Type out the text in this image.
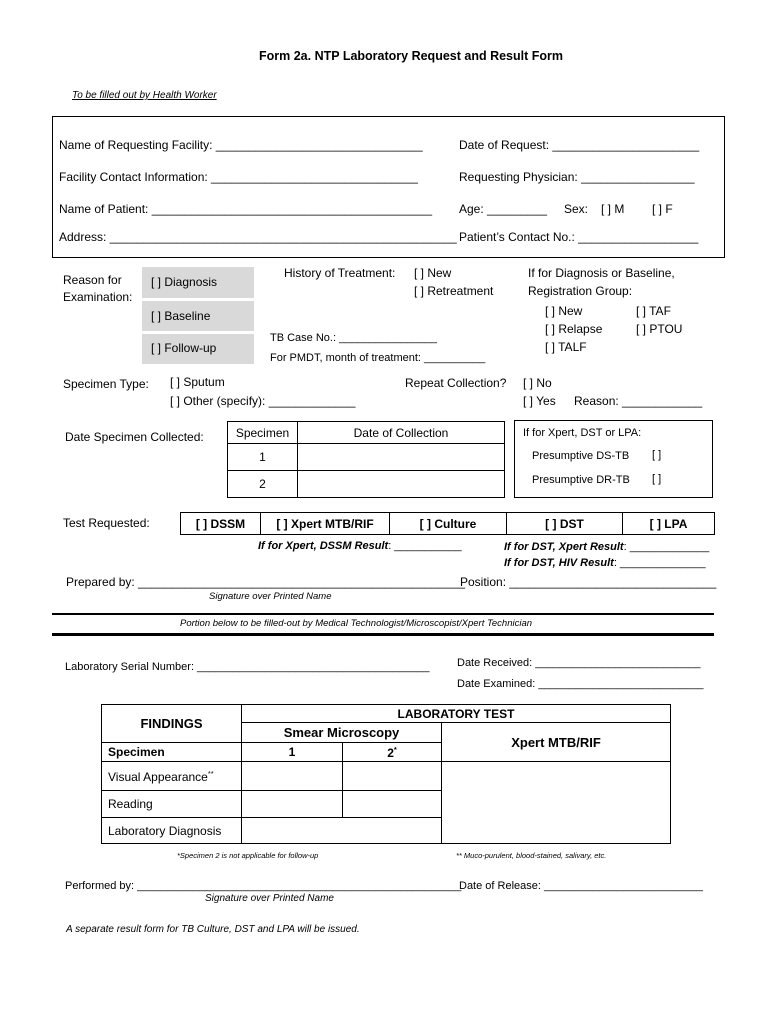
Form 2a. NTP Laboratory Request and Result Form
To be filled out by Health Worker
Name of Requesting Facility: _______________________________	Date of Request: ______________________
Facility Contact Information: _______________________________	Requesting Physician: _________________
Name of Patient: __________________________________________ Age: _________ Sex: [ ] M [ ] F
Address: ____________________________________________________ Patient’s Contact No.: __________________
Reason for
Examination:
[ ] Diagnosis
[ ] Baseline
[ ] Follow-up
History of Treatment: [ ] New
[ ] Retreatment
TB Case No.: ________________
For PMDT, month of treatment: __________
If for Diagnosis or Baseline,
Registration Group:
[ ] New	[ ] TAF
[ ] Relapse	[ ] PTOU
[ ] TALF
Specimen Type: [ ] Sputum
[ ] Other (specify): _____________
Repeat Collection? [ ] No
[ ] Yes Reason: ____________
Date Specimen Collected:	Specimen	Date of Collection
1	
2	
If for Xpert, DST or LPA:
Presumptive DS-TB [ ]
Presumptive DR-TB [ ]
Test Requested:	[ ] DSSM	[ ] Xpert MTB/RIF	[ ] Culture	[ ] DST	[ ] LPA
If for Xpert, DSSM Result: ___________	If for DST, Xpert Result: _____________
If for DST, HIV Result: ______________
Prepared by: _________________________________________________
Signature over Printed Name
Position: _______________________________
Portion below to be filled-out by Medical Technologist/Microscopist/Xpert Technician
Laboratory Serial Number: ______________________________________ Date Received: ___________________________
Date Examined: ___________________________
FINDINGS	LABORATORY TEST		
	Smear Microscopy		Xpert MTB/RIF
Specimen	1	2*
Visual Appearance**			
Reading			
Laboratory Diagnosis			
*Specimen 2 is not applicable for follow-up	** Muco-purulent, blood-stained, salivary, etc.
Performed by: _____________________________________________________
Signature over Printed Name
Date of Release: __________________________
A separate result form for TB Culture, DST and LPA will be issued.
